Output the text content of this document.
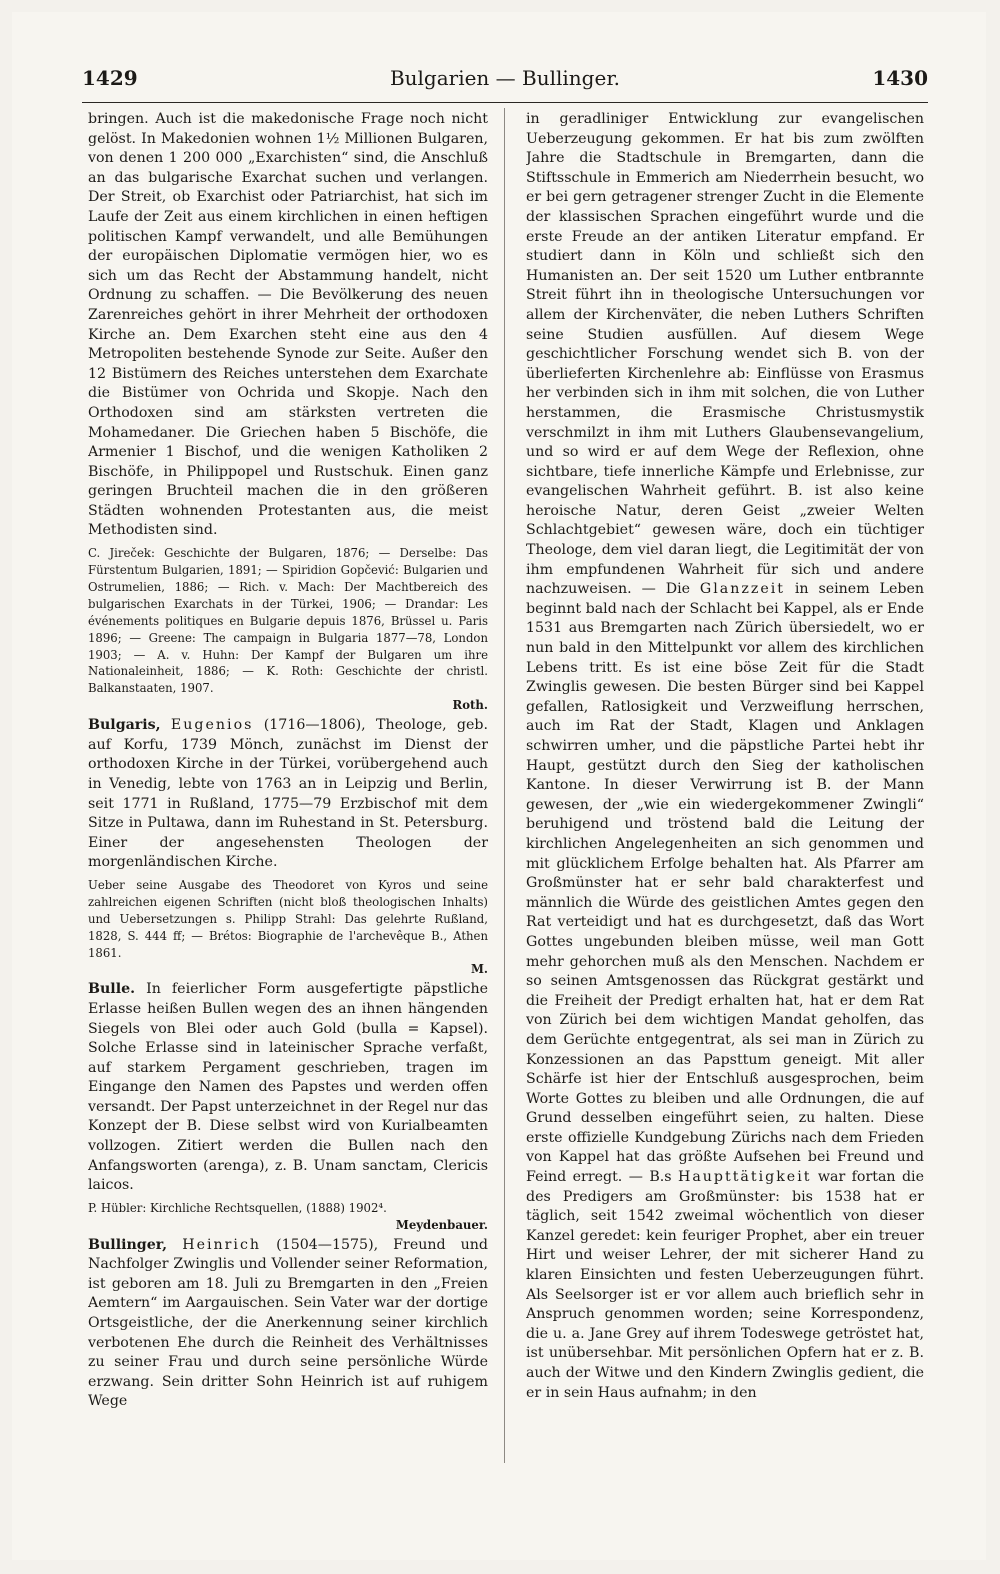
1429	Bulgarien — Bullinger.	1430

bringen. Auch ist die makedonische Frage noch nicht gelöst. In Makedonien wohnen 1½ Millionen Bulgaren, von denen 1 200 000 „Exarchisten“ sind, die Anschluß an das bulgarische Exarchat suchen und verlangen. Der Streit, ob Exarchist oder Patriarchist, hat sich im Laufe der Zeit aus einem kirchlichen in einen heftigen politischen Kampf verwandelt, und alle Bemühungen der europäischen Diplomatie vermögen hier, wo es sich um das Recht der Abstammung handelt, nicht Ordnung zu schaffen. — Die Bevölkerung des neuen Zarenreiches gehört in ihrer Mehrheit der orthodoxen Kirche an. Dem Exarchen steht eine aus den 4 Metropoliten bestehende Synode zur Seite. Außer den 12 Bistümern des Reiches unterstehen dem Exarchate die Bistümer von Ochrida und Skopje. Nach den Orthodoxen sind am stärksten vertreten die Mohamedaner. Die Griechen haben 5 Bischöfe, die Armenier 1 Bischof, und die wenigen Katholiken 2 Bischöfe, in Philippopel und Rustschuk. Einen ganz geringen Bruchteil machen die in den größeren Städten wohnenden Protestanten aus, die meist Methodisten sind.

C. Jireček: Geschichte der Bulgaren, 1876; — Derselbe: Das Fürstentum Bulgarien, 1891; — Spiridion Gopčević: Bulgarien und Ostrumelien, 1886; — Rich. v. Mach: Der Machtbereich des bulgarischen Exarchats in der Türkei, 1906; — Drandar: Les événements politiques en Bulgarie depuis 1876, Brüssel u. Paris 1896; — Greene: The campaign in Bulgaria 1877—78, London 1903; — A. v. Huhn: Der Kampf der Bulgaren um ihre Nationaleinheit, 1886; — K. Roth: Geschichte der christl. Balkanstaaten, 1907.

Roth.

Bulgaris, Eugenios (1716—1806), Theologe, geb. auf Korfu, 1739 Mönch, zunächst im Dienst der orthodoxen Kirche in der Türkei, vorübergehend auch in Venedig, lebte von 1763 an in Leipzig und Berlin, seit 1771 in Rußland, 1775—79 Erzbischof mit dem Sitze in Pultawa, dann im Ruhestand in St. Petersburg. Einer der angesehensten Theologen der morgenländischen Kirche.

Ueber seine Ausgabe des Theodoret von Kyros und seine zahlreichen eigenen Schriften (nicht bloß theologischen Inhalts) und Uebersetzungen s. Philipp Strahl: Das gelehrte Rußland, 1828, S. 444 ff; — Brétos: Biographie de l'archevêque B., Athen 1861.

M.

Bulle. In feierlicher Form ausgefertigte päpstliche Erlasse heißen Bullen wegen des an ihnen hängenden Siegels von Blei oder auch Gold (bulla = Kapsel). Solche Erlasse sind in lateinischer Sprache verfaßt, auf starkem Pergament geschrieben, tragen im Eingange den Namen des Papstes und werden offen versandt. Der Papst unterzeichnet in der Regel nur das Konzept der B. Diese selbst wird von Kurialbeamten vollzogen. Zitiert werden die Bullen nach den Anfangsworten (arenga), z. B. Unam sanctam, Clericis laicos.

P. Hübler: Kirchliche Rechtsquellen, (1888) 1902⁴.

Meydenbauer.

Bullinger, Heinrich (1504—1575), Freund und Nachfolger Zwinglis und Vollender seiner Reformation, ist geboren am 18. Juli zu Bremgarten in den „Freien Aemtern“ im Aargauischen. Sein Vater war der dortige Ortsgeistliche, der die Anerkennung seiner kirchlich verbotenen Ehe durch die Reinheit des Verhältnisses zu seiner Frau und durch seine persönliche Würde erzwang. Sein dritter Sohn Heinrich ist auf ruhigem Wege

in geradliniger Entwicklung zur evangelischen Ueberzeugung gekommen. Er hat bis zum zwölften Jahre die Stadtschule in Bremgarten, dann die Stiftsschule in Emmerich am Niederrhein besucht, wo er bei gern getragener strenger Zucht in die Elemente der klassischen Sprachen eingeführt wurde und die erste Freude an der antiken Literatur empfand. Er studiert dann in Köln und schließt sich den Humanisten an. Der seit 1520 um Luther entbrannte Streit führt ihn in theologische Untersuchungen vor allem der Kirchenväter, die neben Luthers Schriften seine Studien ausfüllen. Auf diesem Wege geschichtlicher Forschung wendet sich B. von der überlieferten Kirchenlehre ab: Einflüsse von Erasmus her verbinden sich in ihm mit solchen, die von Luther herstammen, die Erasmische Christusmystik verschmilzt in ihm mit Luthers Glaubensevangelium, und so wird er auf dem Wege der Reflexion, ohne sichtbare, tiefe innerliche Kämpfe und Erlebnisse, zur evangelischen Wahrheit geführt. B. ist also keine heroische Natur, deren Geist „zweier Welten Schlachtgebiet“ gewesen wäre, doch ein tüchtiger Theologe, dem viel daran liegt, die Legitimität der von ihm empfundenen Wahrheit für sich und andere nachzuweisen. — Die Glanzzeit in seinem Leben beginnt bald nach der Schlacht bei Kappel, als er Ende 1531 aus Bremgarten nach Zürich übersiedelt, wo er nun bald in den Mittelpunkt vor allem des kirchlichen Lebens tritt. Es ist eine böse Zeit für die Stadt Zwinglis gewesen. Die besten Bürger sind bei Kappel gefallen, Ratlosigkeit und Verzweiflung herrschen, auch im Rat der Stadt, Klagen und Anklagen schwirren umher, und die päpstliche Partei hebt ihr Haupt, gestützt durch den Sieg der katholischen Kantone. In dieser Verwirrung ist B. der Mann gewesen, der „wie ein wiedergekommener Zwingli“ beruhigend und tröstend bald die Leitung der kirchlichen Angelegenheiten an sich genommen und mit glücklichem Erfolge behalten hat. Als Pfarrer am Großmünster hat er sehr bald charakterfest und männlich die Würde des geistlichen Amtes gegen den Rat verteidigt und hat es durchgesetzt, daß das Wort Gottes ungebunden bleiben müsse, weil man Gott mehr gehorchen muß als den Menschen. Nachdem er so seinen Amtsgenossen das Rückgrat gestärkt und die Freiheit der Predigt erhalten hat, hat er dem Rat von Zürich bei dem wichtigen Mandat geholfen, das dem Gerüchte entgegentrat, als sei man in Zürich zu Konzessionen an das Papsttum geneigt. Mit aller Schärfe ist hier der Entschluß ausgesprochen, beim Worte Gottes zu bleiben und alle Ordnungen, die auf Grund desselben eingeführt seien, zu halten. Diese erste offizielle Kundgebung Zürichs nach dem Frieden von Kappel hat das größte Aufsehen bei Freund und Feind erregt. — B.s Haupttätigkeit war fortan die des Predigers am Großmünster: bis 1538 hat er täglich, seit 1542 zweimal wöchentlich von dieser Kanzel geredet: kein feuriger Prophet, aber ein treuer Hirt und weiser Lehrer, der mit sicherer Hand zu klaren Einsichten und festen Ueberzeugungen führt. Als Seelsorger ist er vor allem auch brieflich sehr in Anspruch genommen worden; seine Korrespondenz, die u. a. Jane Grey auf ihrem Todeswege getröstet hat, ist unübersehbar. Mit persönlichen Opfern hat er z. B. auch der Witwe und den Kindern Zwinglis gedient, die er in sein Haus aufnahm; in den
